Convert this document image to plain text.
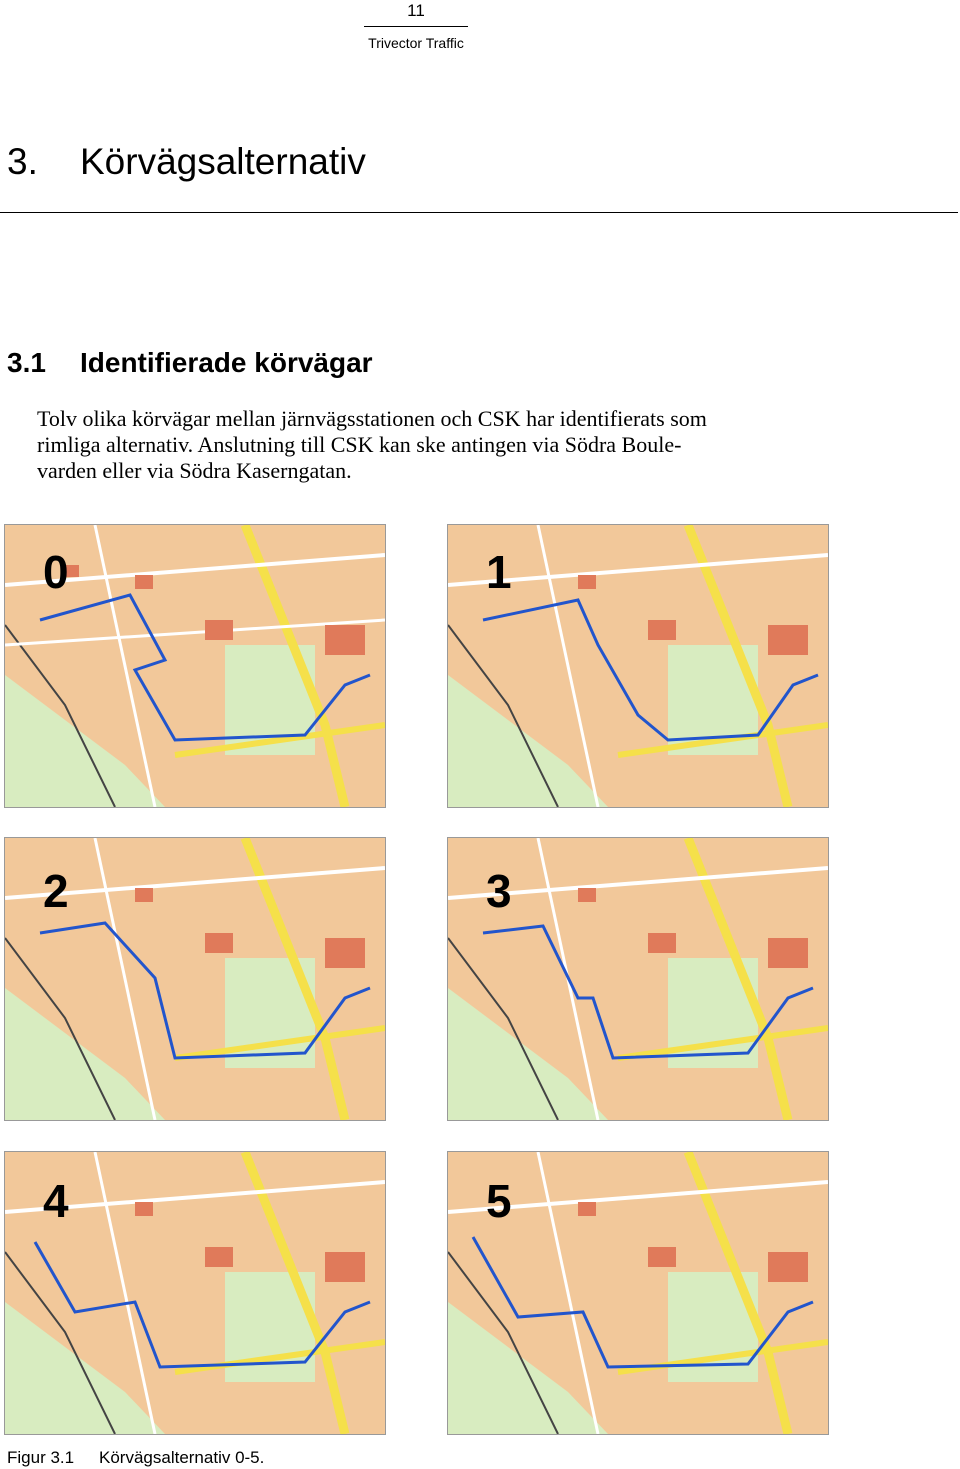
11
Trivector Traffic
3. Körvägsalternativ
3.1 Identifierade körvägar

Tolv olika körvägar mellan järnvägsstationen och CSK har identifierats som

rimliga alternativ. Anslutning till CSK kan ske antingen via Södra Boule-

varden eller via Södra Kaserngatan.

0	1
2	3
4	5
Figur 3.1 Körvägsalternativ 0-5.
